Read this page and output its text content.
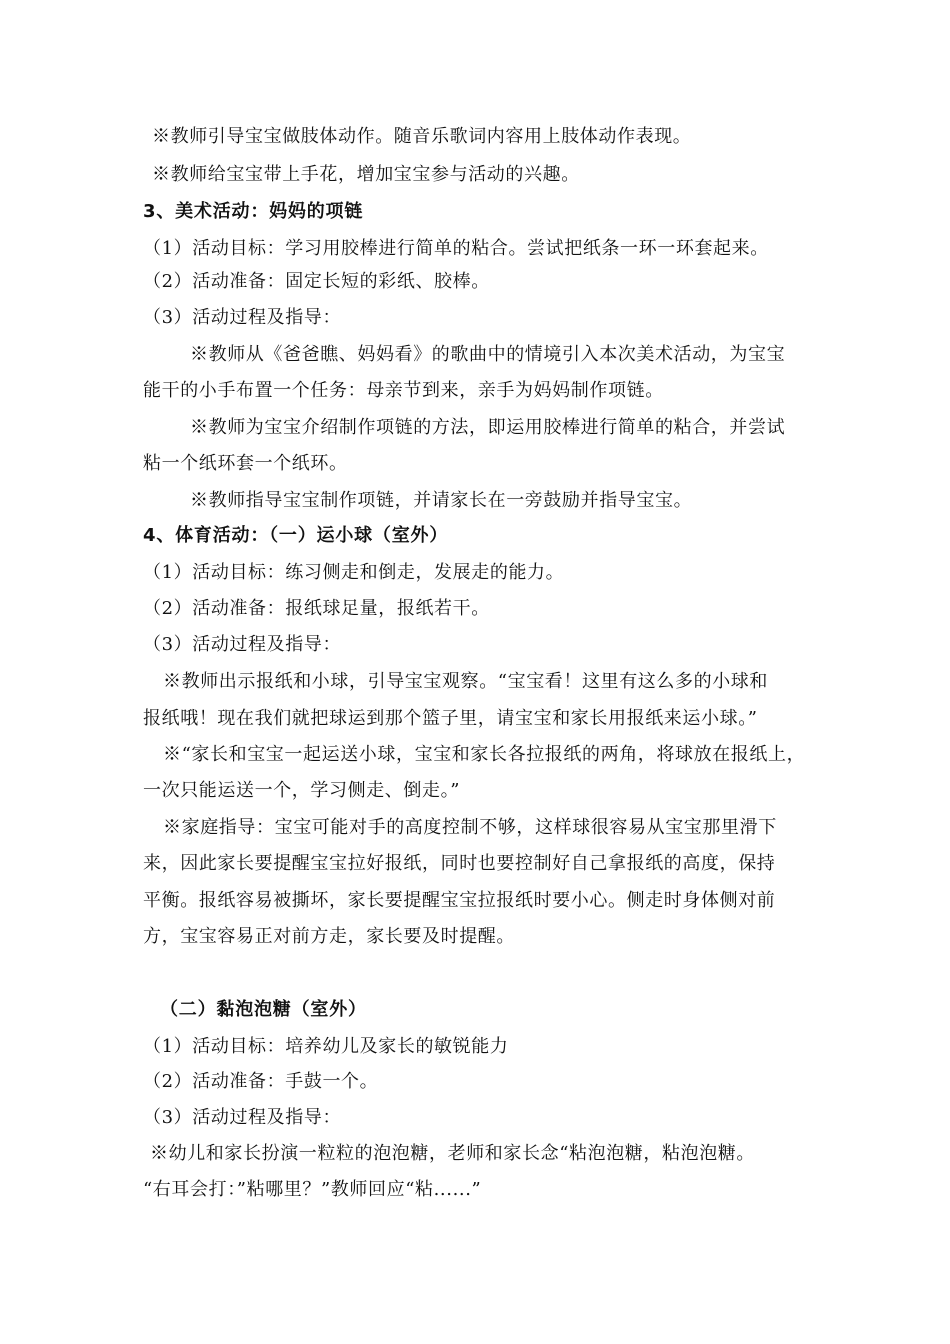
※教师引导宝宝做肢体动作。随音乐歌词内容用上肢体动作表现。
※教师给宝宝带上手花，增加宝宝参与活动的兴趣。
3、美术活动：妈妈的项链
（1）活动目标：学习用胶棒进行简单的粘合。尝试把纸条一环一环套起来。
（2）活动准备：固定长短的彩纸、胶棒。
（3）活动过程及指导：
※教师从《爸爸瞧、妈妈看》的歌曲中的情境引入本次美术活动，为宝宝
能干的小手布置一个任务：母亲节到来，亲手为妈妈制作项链。
※教师为宝宝介绍制作项链的方法，即运用胶棒进行简单的粘合，并尝试
粘一个纸环套一个纸环。
※教师指导宝宝制作项链，并请家长在一旁鼓励并指导宝宝。
4、体育活动：（一）运小球（室外）
（1）活动目标：练习侧走和倒走，发展走的能力。
（2）活动准备：报纸球足量，报纸若干。
（3）活动过程及指导：
※教师出示报纸和小球，引导宝宝观察。“宝宝看！这里有这么多的小球和
报纸哦！现在我们就把球运到那个篮子里，请宝宝和家长用报纸来运小球。”
※“家长和宝宝一起运送小球，宝宝和家长各拉报纸的两角，将球放在报纸上，
一次只能运送一个，学习侧走、倒走。”
※家庭指导：宝宝可能对手的高度控制不够，这样球很容易从宝宝那里滑下
来，因此家长要提醒宝宝拉好报纸，同时也要控制好自己拿报纸的高度，保持
平衡。报纸容易被撕坏，家长要提醒宝宝拉报纸时要小心。侧走时身体侧对前
方，宝宝容易正对前方走，家长要及时提醒。
（二）黏泡泡糖（室外）
（1）活动目标：培养幼儿及家长的敏锐能力
（2）活动准备：手鼓一个。
（3）活动过程及指导：
※幼儿和家长扮演一粒粒的泡泡糖，老师和家长念“粘泡泡糖，粘泡泡糖。
“右耳会打：”粘哪里？”教师回应“粘......”
